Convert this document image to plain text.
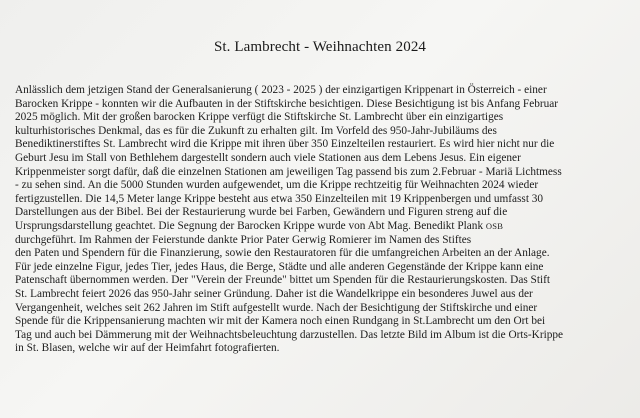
St. Lambrecht - Weihnachten 2024
Anlässlich dem jetzigen Stand der Generalsanierung ( 2023 - 2025 ) der einzigartigen Krippenart in Österreich - einer
Barocken Krippe - konnten wir die Aufbauten in der Stiftskirche besichtigen. Diese Besichtigung ist bis Anfang Februar
2025 möglich. Mit der großen barocken Krippe verfügt die Stiftskirche St. Lambrecht über ein einzigartiges
kulturhistorisches Denkmal, das es für die Zukunft zu erhalten gilt. Im Vorfeld des 950-Jahr-Jubiläums des
Benediktinerstiftes St. Lambrecht wird die Krippe mit ihren über 350 Einzelteilen restauriert. Es wird hier nicht nur die
Geburt Jesu im Stall von Bethlehem dargestellt sondern auch viele Stationen aus dem Lebens Jesus. Ein eigener
Krippenmeister sorgt dafür, daß die einzelnen Stationen am jeweiligen Tag passend bis zum 2.Februar - Mariä Lichtmess
- zu sehen sind. An die 5000 Stunden wurden aufgewendet, um die Krippe rechtzeitig für Weihnachten 2024 wieder
fertigzustellen. Die 14,5 Meter lange Krippe besteht aus etwa 350 Einzelteilen mit 19 Krippenbergen und umfasst 30
Darstellungen aus der Bibel. Bei der Restaurierung wurde bei Farben, Gewändern und Figuren streng auf die
Ursprungsdarstellung geachtet. Die Segnung der Barocken Krippe wurde von Abt Mag. Benedikt Plank OSB
durchgeführt. Im Rahmen der Feierstunde dankte Prior Pater Gerwig Romierer im Namen des Stiftes
den Paten und Spendern für die Finanzierung, sowie den Restauratoren für die umfangreichen Arbeiten an der Anlage.
Für jede einzelne Figur, jedes Tier, jedes Haus, die Berge, Städte und alle anderen Gegenstände der Krippe kann eine
Patenschaft übernommen werden. Der "Verein der Freunde" bittet um Spenden für die Restaurierungskosten. Das Stift
St. Lambrecht feiert 2026 das 950-Jahr seiner Gründung. Daher ist die Wandelkrippe ein besonderes Juwel aus der
Vergangenheit, welches seit 262 Jahren im Stift aufgestellt wurde. Nach der Besichtigung der Stiftskirche und einer
Spende für die Krippensanierung machten wir mit der Kamera noch einen Rundgang in St.Lambrecht um den Ort bei
Tag und auch bei Dämmerung mit der Weihnachtsbeleuchtung darzustellen. Das letzte Bild im Album ist die Orts-Krippe
in St. Blasen, welche wir auf der Heimfahrt fotografierten.
